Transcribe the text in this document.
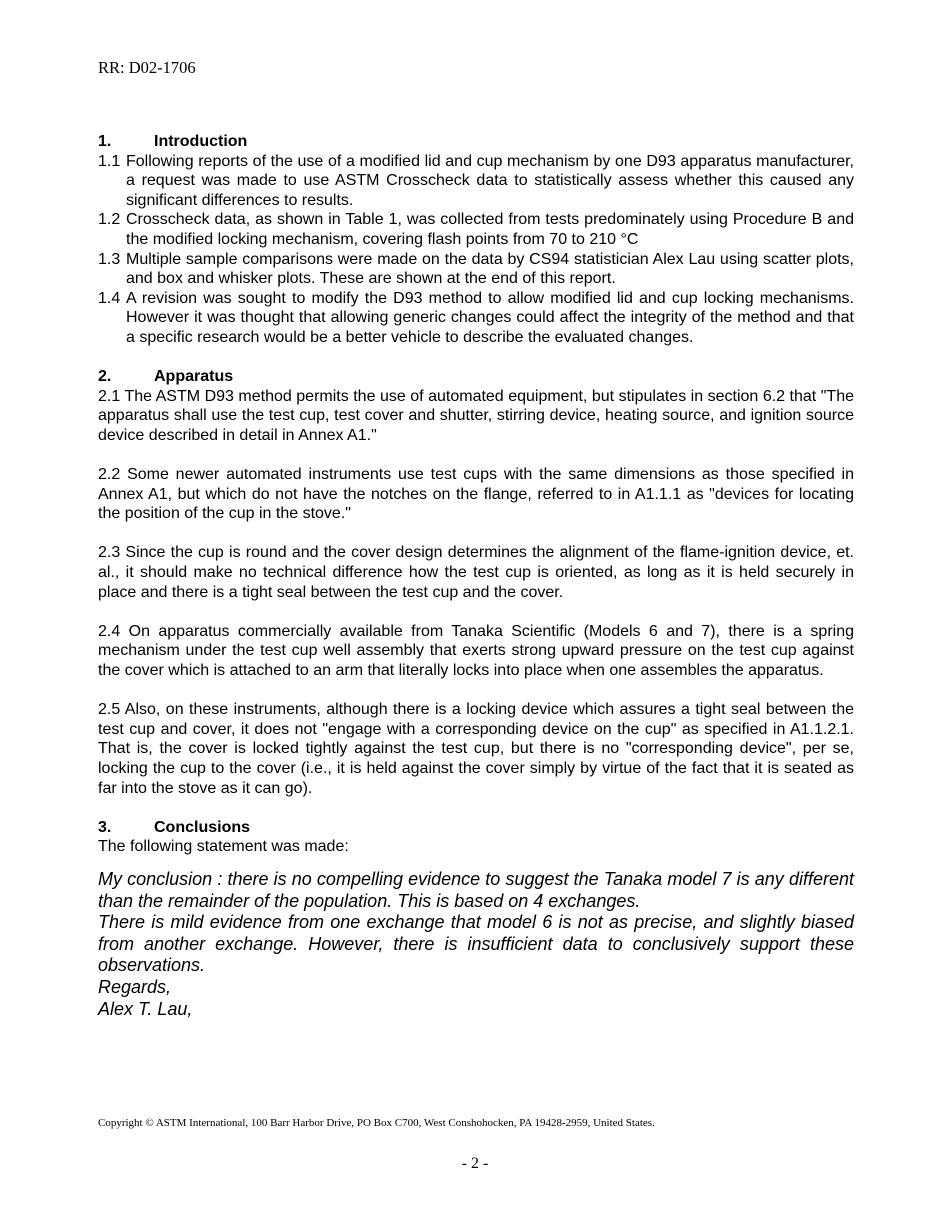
RR: D02-1706
1.	Introduction
1.1 Following reports of the use of a modified lid and cup mechanism by one D93 apparatus manufacturer, a request was made to use ASTM Crosscheck data to statistically assess whether this caused any significant differences to results.
1.2 Crosscheck data, as shown in Table 1, was collected from tests predominately using Procedure B and the modified locking mechanism, covering flash points from 70 to 210 °C
1.3 Multiple sample comparisons were made on the data by CS94 statistician Alex Lau using scatter plots, and box and whisker plots. These are shown at the end of this report.
1.4 A revision was sought to modify the D93 method to allow modified lid and cup locking mechanisms. However it was thought that allowing generic changes could affect the integrity of the method and that a specific research would be a better vehicle to describe the evaluated changes.
2.	Apparatus

2.1 The ASTM D93 method permits the use of automated equipment, but stipulates in section 6.2 that "The apparatus shall use the test cup, test cover and shutter, stirring device, heating source, and ignition source device described in detail in Annex A1."

2.2 Some newer automated instruments use test cups with the same dimensions as those specified in Annex A1, but which do not have the notches on the flange, referred to in A1.1.1 as "devices for locating the position of the cup in the stove."

2.3 Since the cup is round and the cover design determines the alignment of the flame-ignition device, et. al., it should make no technical difference how the test cup is oriented, as long as it is held securely in place and there is a tight seal between the test cup and the cover.

2.4 On apparatus commercially available from Tanaka Scientific (Models 6 and 7), there is a spring mechanism under the test cup well assembly that exerts strong upward pressure on the test cup against the cover which is attached to an arm that literally locks into place when one assembles the apparatus.

2.5 Also, on these instruments, although there is a locking device which assures a tight seal between the test cup and cover, it does not "engage with a corresponding device on the cup" as specified in A1.1.2.1. That is, the cover is locked tightly against the test cup, but there is no "corresponding device", per se, locking the cup to the cover (i.e., it is held against the cover simply by virtue of the fact that it is seated as far into the stove as it can go).

3.	Conclusions

The following statement was made:

My conclusion : there is no compelling evidence to suggest the Tanaka model 7 is any different than the remainder of the population. This is based on 4 exchanges.

There is mild evidence from one exchange that model 6 is not as precise, and slightly biased from another exchange. However, there is insufficient data to conclusively support these observations.

Regards,

Alex T. Lau,

Copyright © ASTM International, 100 Barr Harbor Drive, PO Box C700, West Conshohocken, PA 19428-2959, United States.
- 2 -
